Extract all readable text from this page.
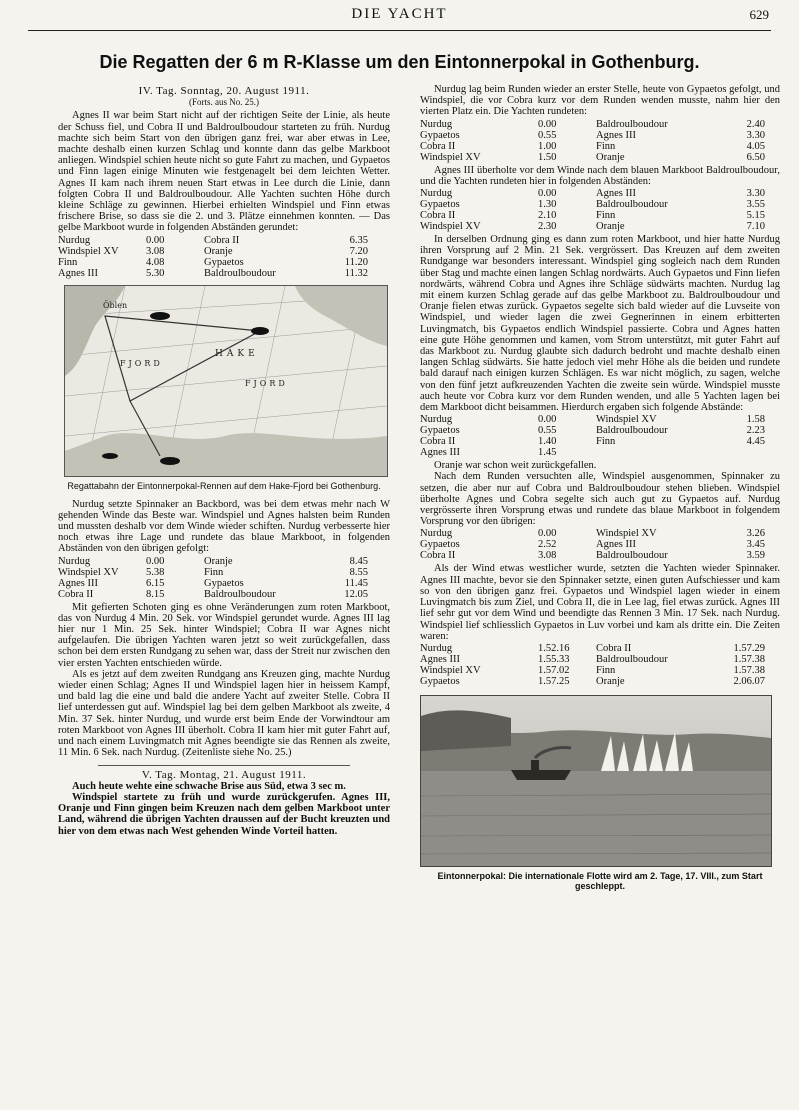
DIE YACHT	629
Die Regatten der 6 m R-Klasse um den Eintonnerpokal in Gothenburg.
IV. Tag. Sonntag, 20. August 1911.
(Forts. aus No. 25.)

Agnes II war beim Start nicht auf der richtigen Seite der Linie, als heute der Schuss fiel, und Cobra II und Baldroulboudour starteten zu früh. Nurdug machte sich beim Start von den übrigen ganz frei, war aber etwas in Lee, machte deshalb einen kurzen Schlag und konnte dann das gelbe Markboot anliegen. Windspiel schien heute nicht so gute Fahrt zu machen, und Gypaetos und Finn lagen einige Minuten wie festgenagelt bei dem leichten Wetter. Agnes II kam nach ihrem neuen Start etwas in Lee durch die Linie, dann folgten Cobra II und Baldroulboudour. Alle Yachten suchten Höhe durch kleine Schläge zu gewinnen. Hierbei erhielten Windspiel und Finn etwas frischere Brise, so dass sie die 2. und 3. Plätze einnehmen konnten. — Das gelbe Markboot wurde in folgenden Abständen gerundet:

Nurdug	0.00	Cobra II	6.35
Windspiel XV	3.08	Oranje	7.20
Finn	4.08	Gypaetos	11.20
Agnes III	5.30	Baldroulboudour	11.32
Öblen
FJORD
HAKE
FJORD
Regattabahn der Eintonnerpokal-Rennen auf dem Hake-Fjord bei Gothenburg.

Nurdug setzte Spinnaker an Backbord, was bei dem etwas mehr nach W gehenden Winde das Beste war. Windspiel und Agnes halsten beim Runden und mussten deshalb vor dem Winde wieder schiften. Nurdug verbesserte hier noch etwas ihre Lage und rundete das blaue Markboot, in folgenden Abständen von den übrigen gefolgt:

Nurdug	0.00	Oranje	8.45
Windspiel XV	5.38	Finn	8.55
Agnes III	6.15	Gypaetos	11.45
Cobra II	8.15	Baldroulboudour	12.05

Mit gefierten Schoten ging es ohne Veränderungen zum roten Markboot, das von Nurdug 4 Min. 20 Sek. vor Windspiel gerundet wurde. Agnes III lag hier nur 1 Min. 25 Sek. hinter Windspiel; Cobra II war Agnes nicht aufgelaufen. Die übrigen Yachten waren jetzt so weit zurückgefallen, dass schon bei dem ersten Rundgang zu sehen war, dass der Streit nur zwischen den vier ersten Yachten entschieden würde.

Als es jetzt auf dem zweiten Rundgang ans Kreuzen ging, machte Nurdug wieder einen Schlag; Agnes II und Windspiel lagen hier in heissem Kampf, und bald lag die eine und bald die andere Yacht auf zweiter Stelle. Cobra II lief unterdessen gut auf. Windspiel lag bei dem gelben Markboot als zweite, 4 Min. 37 Sek. hinter Nurdug, und wurde erst beim Ende der Vorwindtour am roten Markboot von Agnes III überholt. Cobra II kam hier mit guter Fahrt auf, und nach einem Luvingmatch mit Agnes beendigte sie das Rennen als zweite, 11 Min. 6 Sek. nach Nurdug. (Zeitenliste siehe No. 25.)

V. Tag. Montag, 21. August 1911.

Auch heute wehte eine schwache Brise aus Süd, etwa 3 sec m.

Windspiel startete zu früh und wurde zurückgerufen. Agnes III, Oranje und Finn gingen beim Kreuzen nach dem gelben Markboot unter Land, während die übrigen Yachten draussen auf der Bucht kreuzten und hier von dem etwas nach West gehenden Winde Vorteil hatten.

Nurdug lag beim Runden wieder an erster Stelle, heute von Gypaetos gefolgt, und Windspiel, die vor Cobra kurz vor dem Runden wenden musste, nahm hier den vierten Platz ein. Die Yachten rundeten:

Nurdug	0.00	Baldroulboudour	2.40
Gypaetos	0.55	Agnes III	3.30
Cobra II	1.00	Finn	4.05
Windspiel XV	1.50	Oranje	6.50

Agnes III überholte vor dem Winde nach dem blauen Markboot Baldroulboudour, und die Yachten rundeten hier in folgenden Abständen:

Nurdug	0.00	Agnes III	3.30
Gypaetos	1.30	Baldroulboudour	3.55
Cobra II	2.10	Finn	5.15
Windspiel XV	2.30	Oranje	7.10

In derselben Ordnung ging es dann zum roten Markboot, und hier hatte Nurdug ihren Vorsprung auf 2 Min. 21 Sek. vergrössert. Das Kreuzen auf dem zweiten Rundgange war besonders interessant. Windspiel ging sogleich nach dem Runden über Stag und machte einen langen Schlag nordwärts. Auch Gypaetos und Finn liefen nordwärts, während Cobra und Agnes ihre Schläge südwärts machten. Nurdug lag mit einem kurzen Schlag gerade auf das gelbe Markboot zu. Baldroulboudour und Oranje fielen etwas zurück. Gypaetos segelte sich bald wieder auf die Luvseite von Windspiel, und wieder lagen die zwei Gegnerinnen in einem erbitterten Luvingmatch, bis Gypaetos endlich Windspiel passierte. Cobra und Agnes hatten eine gute Höhe genommen und kamen, vom Strom unterstützt, mit guter Fahrt auf das Markboot zu. Nurdug glaubte sich dadurch bedroht und machte deshalb einen langen Schlag südwärts. Sie hatte jedoch viel mehr Höhe als die beiden und rundete bald darauf nach einigen kurzen Schlägen. Es war nicht möglich, zu sagen, welche von den fünf jetzt aufkreuzenden Yachten die zweite sein würde. Windspiel musste auch heute vor Cobra kurz vor dem Runden wenden, und alle 5 Yachten lagen bei dem Markboot dicht beisammen. Hierdurch ergaben sich folgende Abstände:

Nurdug	0.00	Windspiel XV	1.58
Gypaetos	0.55	Baldroulboudour	2.23
Cobra II	1.40	Finn	4.45
Agnes III	1.45		

Oranje war schon weit zurückgefallen.

Nach dem Runden versuchten alle, Windspiel ausgenommen, Spinnaker zu setzen, die aber nur auf Cobra und Baldroulboudour stehen blieben. Windspiel überholte Agnes und Cobra segelte sich auch gut zu Gypaetos auf. Nurdug vergrösserte ihren Vorsprung etwas und rundete das blaue Markboot in folgendem Vorsprung vor den übrigen:

Nurdug	0.00	Windspiel XV	3.26
Gypaetos	2.52	Agnes III	3.45
Cobra II	3.08	Baldroulboudour	3.59

Als der Wind etwas westlicher wurde, setzten die Yachten wieder Spinnaker. Agnes III machte, bevor sie den Spinnaker setzte, einen guten Aufschiesser und kam so von den übrigen ganz frei. Gypaetos und Windspiel lagen wieder in einem Luvingmatch bis zum Ziel, und Cobra II, die in Lee lag, fiel etwas zurück. Agnes III lief sehr gut vor dem Wind und beendigte das Rennen 3 Min. 17 Sek. nach Nurdug. Windspiel lief schliesslich Gypaetos in Luv vorbei und kam als dritte ein. Die Zeiten waren:

Nurdug	1.52.16	Cobra II	1.57.29
Agnes III	1.55.33	Baldroulboudour	1.57.38
Windspiel XV	1.57.02	Finn	1.57.38
Gypaetos	1.57.25	Oranje	2.06.07
Eintonnerpokal: Die internationale Flotte wird am 2. Tage, 17. VIII., zum Start geschleppt.
